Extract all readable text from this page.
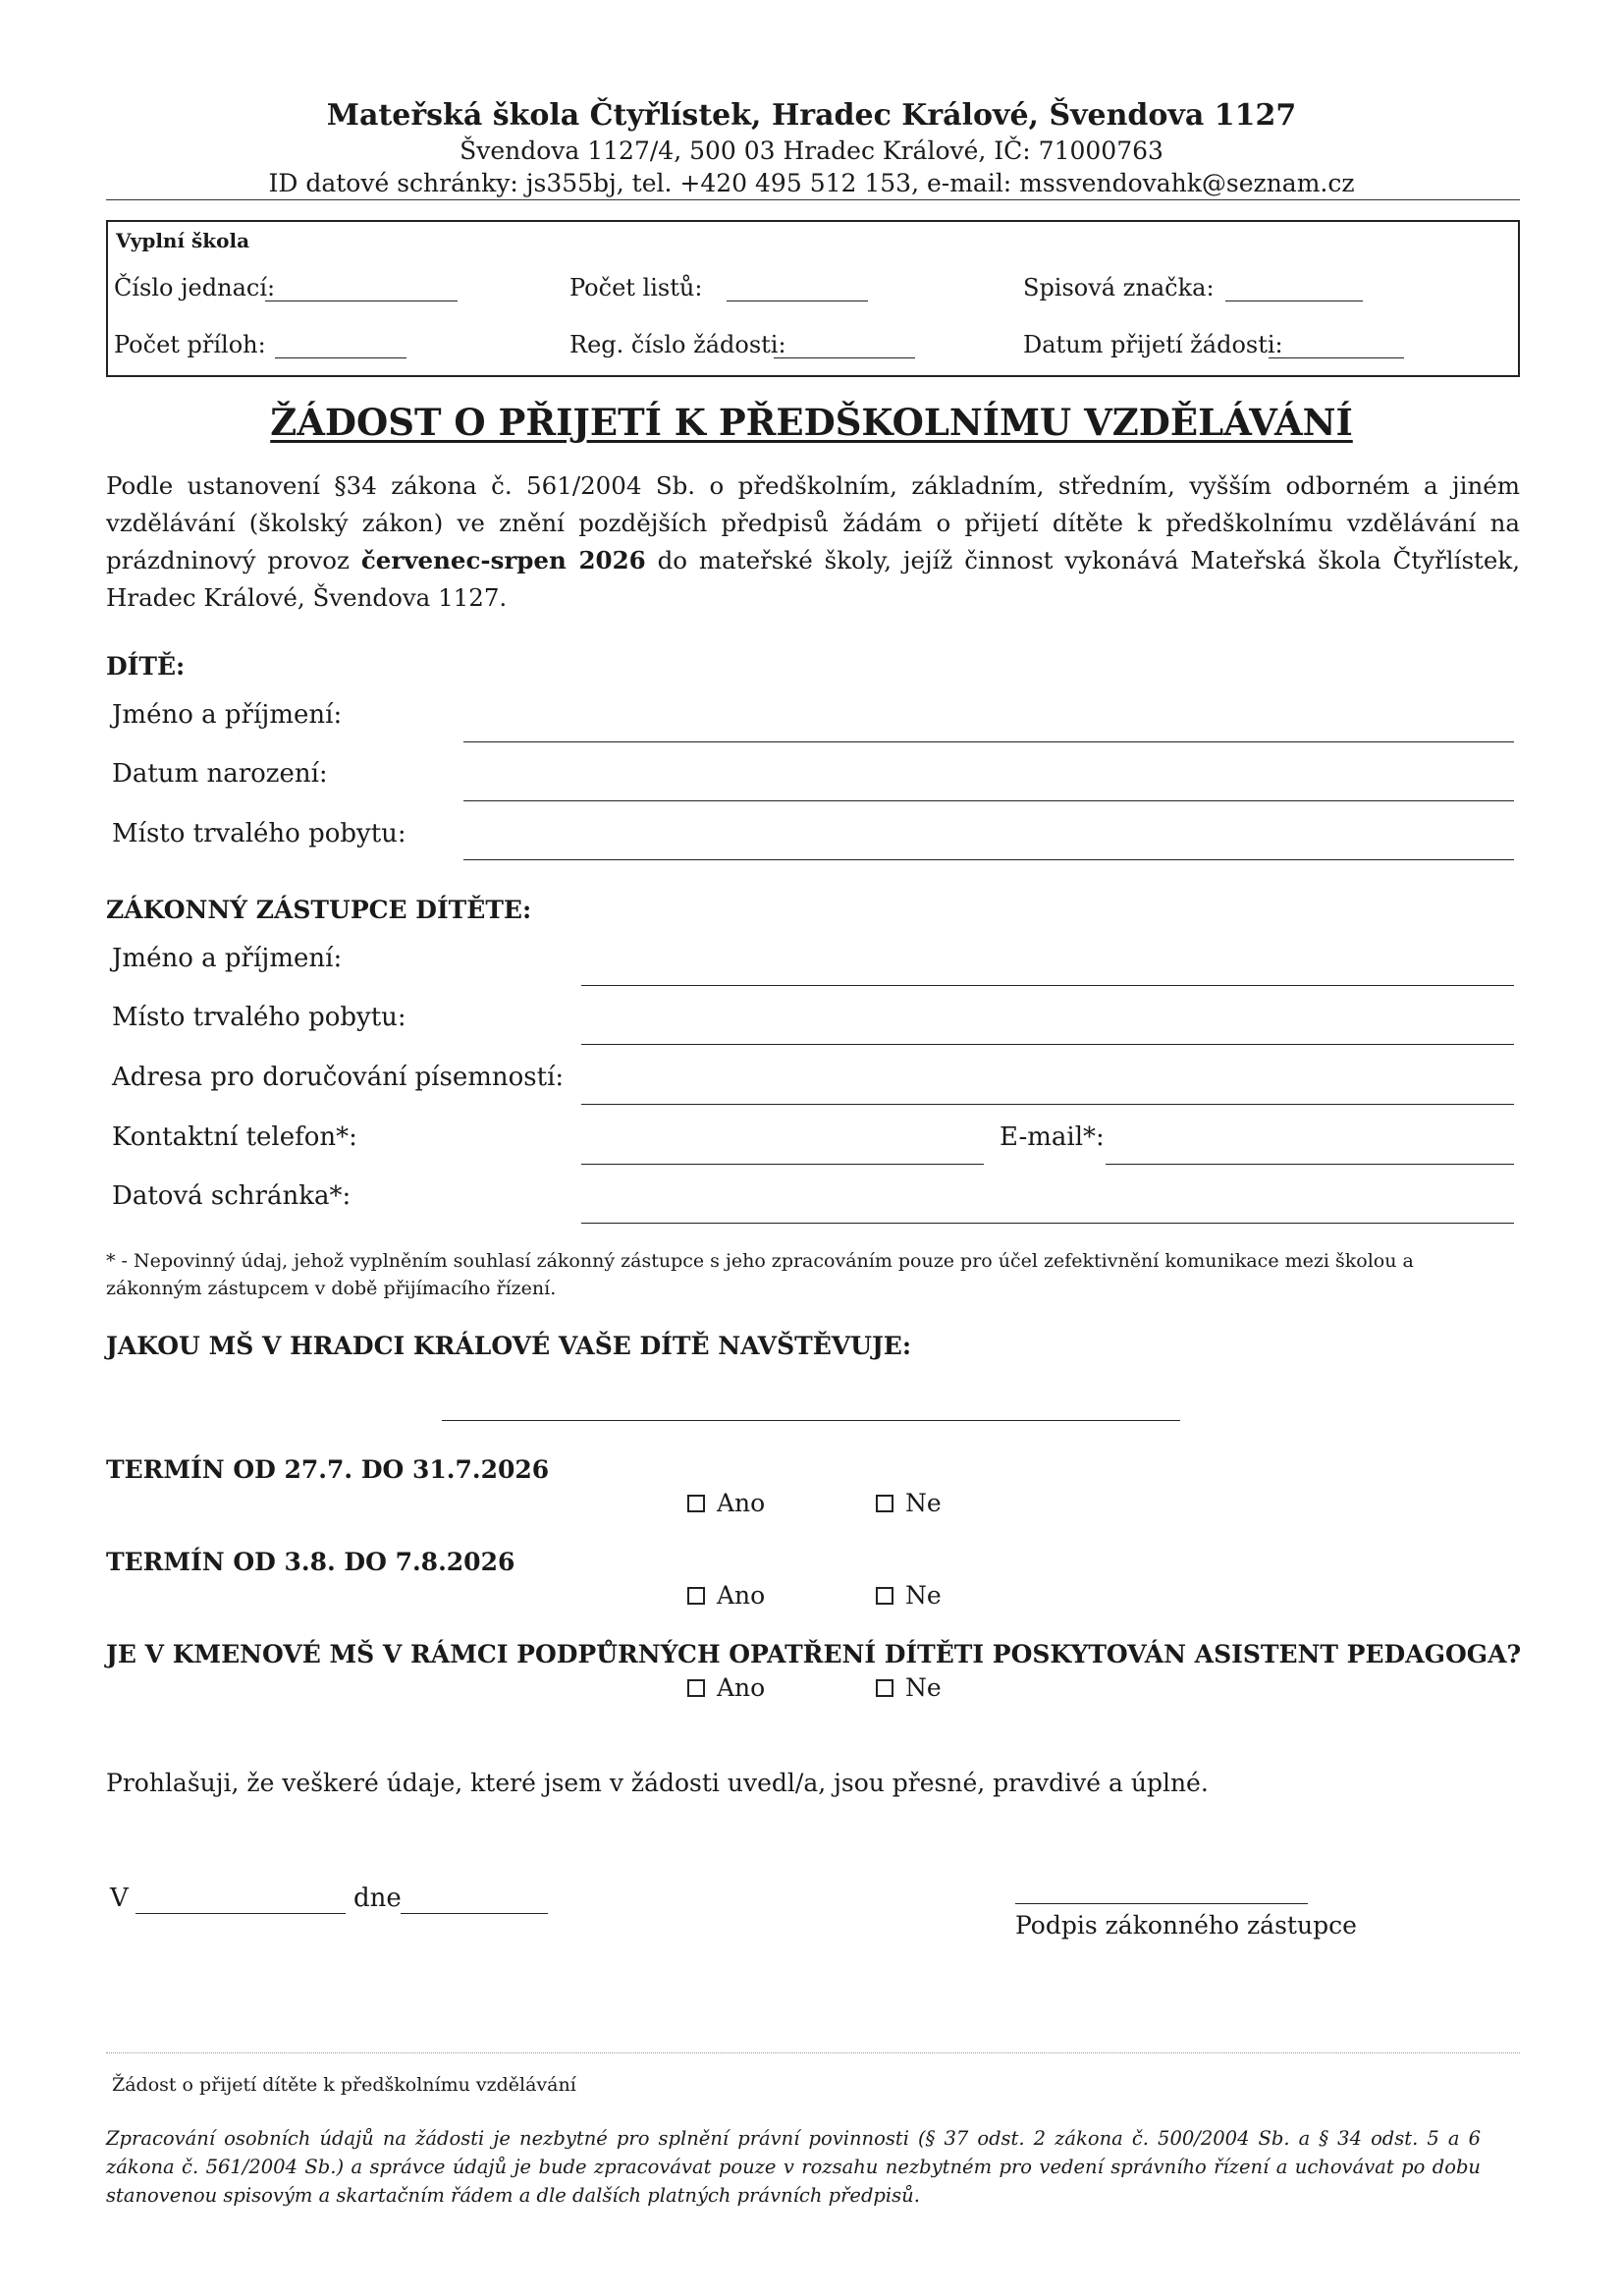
Mateřská škola Čtyřlístek, Hradec Králové, Švendova 1127
Švendova 1127/4, 500 03 Hradec Králové, IČ: 71000763
ID datové schránky: js355bj, tel. +420 495 512 153, e-mail: mssvendovahk@seznam.cz
Vyplní škola
Číslo jednací:	Počet listů:	Spisová značka:
Počet příloh:	Reg. číslo žádosti:	Datum přijetí žádosti:
ŽÁDOST O PŘIJETÍ K PŘEDŠKOLNÍMU VZDĚLÁVÁNÍ
Podle ustanovení §34 zákona č. 561/2004 Sb. o předškolním, základním, středním, vyšším odborném a jiném vzdělávání (školský zákon) ve znění pozdějších předpisů žádám o přijetí dítěte k předškolnímu vzdělávání na prázdninový provoz červenec-srpen 2026 do mateřské školy, jejíž činnost vykonává Mateřská škola Čtyřlístek, Hradec Králové, Švendova 1127.
DÍTĚ:
Jméno a příjmení:
Datum narození:
Místo trvalého pobytu:
ZÁKONNÝ ZÁSTUPCE DÍTĚTE:
Jméno a příjmení:
Místo trvalého pobytu:
Adresa pro doručování písemností:
Kontaktní telefon*:	E-mail*:
Datová schránka*:
* - Nepovinný údaj, jehož vyplněním souhlasí zákonný zástupce s jeho zpracováním pouze pro účel zefektivnění komunikace mezi školou a zákonným zástupcem v době přijímacího řízení.
JAKOU MŠ V HRADCI KRÁLOVÉ VAŠE DÍTĚ NAVŠTĚVUJE:
TERMÍN OD 27.7. DO 31.7.2026
Ano	Ne
TERMÍN OD 3.8. DO 7.8.2026
Ano	Ne
JE V KMENOVÉ MŠ V RÁMCI PODPŮRNÝCH OPATŘENÍ DÍTĚTI POSKYTOVÁN ASISTENT PEDAGOGA?
Ano	Ne
Prohlašuji, že veškeré údaje, které jsem v žádosti uvedl/a, jsou přesné, pravdivé a úplné.
V	dne
Podpis zákonného zástupce
Žádost o přijetí dítěte k předškolnímu vzdělávání
Zpracování osobních údajů na žádosti je nezbytné pro splnění právní povinnosti (§ 37 odst. 2 zákona č. 500/2004 Sb. a § 34 odst. 5 a 6 zákona č. 561/2004 Sb.) a správce údajů je bude zpracovávat pouze v rozsahu nezbytném pro vedení správního řízení a uchovávat po dobu stanovenou spisovým a skartačním řádem a dle dalších platných právních předpisů.
